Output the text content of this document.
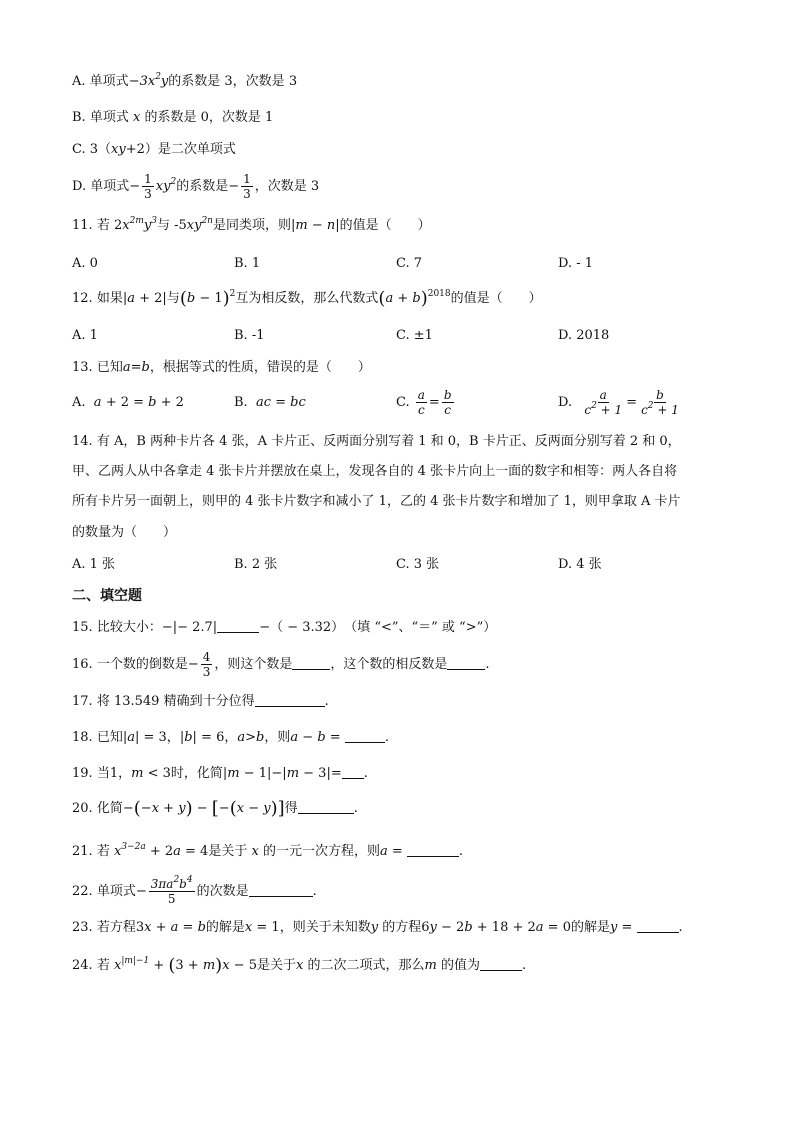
A. 单项式$-3x^2y$的系数是 3，次数是 3
B. 单项式 x 的系数是 0，次数是 1
C. 3（xy+2）是二次单项式
D. 单项式− $\frac{1}{3} xy^2$的系数是− $\frac{1}{3}$ ，次数是 3
11. 若 $2x^{2m}y^3$与 $-5xy^{2n}$是同类项，则|m − n|的值是（　　）
A. 0	B. 1	C. 7	D. - 1
12. 如果|a + 2|与$(b - 1)^2$互为相反数，那么代数式$(a + b)^{2018}$的值是（　　）
A. 1	B. -1	C. ±1	D. 2018
13. 已知a=b，根据等式的性质，错误的是（　　）
A. a + 2 = b + 2	B. ac = bc	C. $\frac{a}{c} = \frac{b}{c}$	D. $\frac{a}{c^2 + 1} = \frac{b}{c^2 + 1}$
14. 有 A，B 两种卡片各 4 张，A 卡片正、反两面分别写着 1 和 0，B 卡片正、反两面分别写着 2 和 0，
甲、乙两人从中各拿走 4 张卡片并摆放在桌上，发现各自的 4 张卡片向上一面的数字和相等：两人各自将
所有卡片另一面朝上，则甲的 4 张卡片数字和减小了 1，乙的 4 张卡片数字和增加了 1，则甲拿取 A 卡片
的数量为（　　）
A. 1 张	B. 2 张	C. 3 张	D. 4 张
二、填空题
15. 比较大小：−|− 2.7|	−（ − 3.32）　（填 “<”、“＝” 或 “>”）
16. 一个数的倒数是− $\frac{4}{3}$ ，则这个数是	，这个数的相反数是	.
17. 将 13.549 精确到十分位得	.
18. 已知|a| = 3，|b| = 6，a>b，则a − b =	.
19. 当1，m < 3时，化简|m − 1|−|m − 3|= .
20. 化简−(−x + y) − [−(x − y)]得	.
21. 若 $x^{3-2a} + 2a = 4$是关于 x 的一元一次方程，则a =	.
22. 单项式− $\frac{3\pi a^2b^4}{5}$ 的次数是	.
23. 若方程3x + a = b的解是x = 1，则关于未知数y 的方程6y − 2b + 18 + 2a = 0的解是y =	.
24. 若 $x^{|m|-1} + (3 + m)x - 5$是关于x 的二次二项式，那么m 的值为	.
